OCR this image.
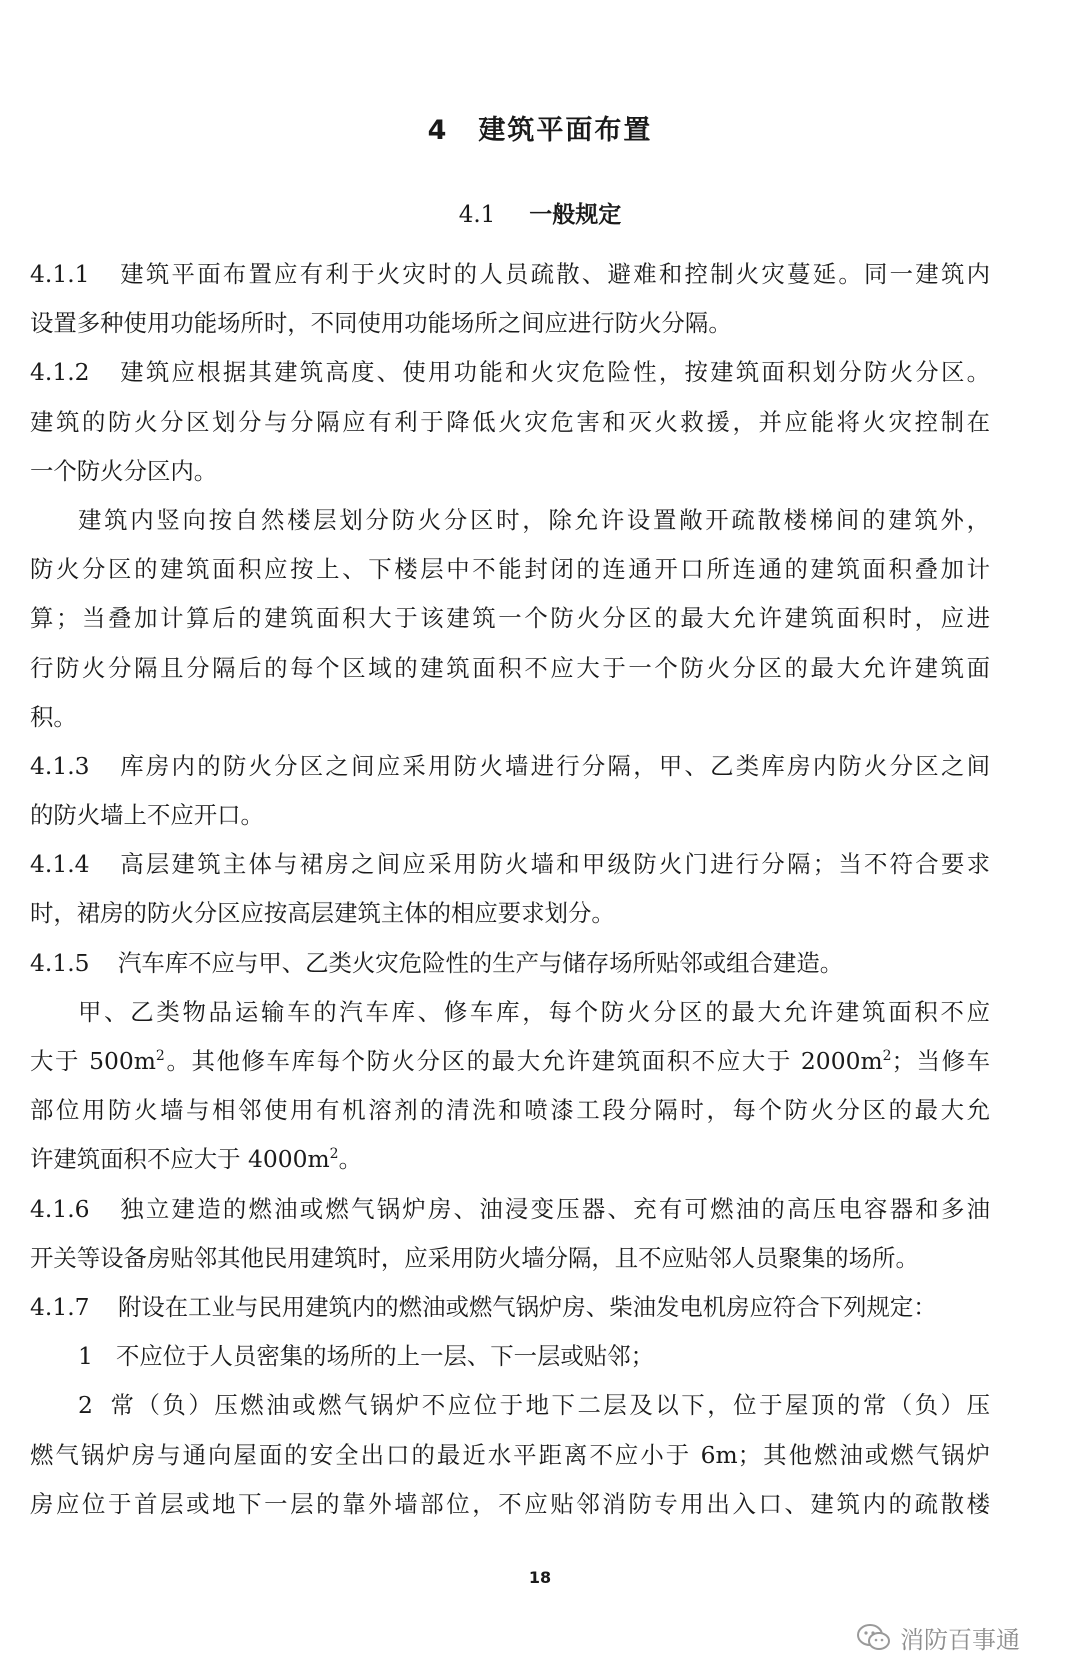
4 建筑平面布置
4.1 一般规定
4.1.1 建筑平面布置应有利于火灾时的人员疏散、避难和控制火灾蔓延。同一建筑内
设置多种使用功能场所时，不同使用功能场所之间应进行防火分隔。
4.1.2 建筑应根据其建筑高度、使用功能和火灾危险性，按建筑面积划分防火分区。
建筑的防火分区划分与分隔应有利于降低火灾危害和灭火救援，并应能将火灾控制在
一个防火分区内。
建筑内竖向按自然楼层划分防火分区时，除允许设置敞开疏散楼梯间的建筑外，
防火分区的建筑面积应按上、下楼层中不能封闭的连通开口所连通的建筑面积叠加计
算；当叠加计算后的建筑面积大于该建筑一个防火分区的最大允许建筑面积时，应进
行防火分隔且分隔后的每个区域的建筑面积不应大于一个防火分区的最大允许建筑面
积。
4.1.3 库房内的防火分区之间应采用防火墙进行分隔，甲、乙类库房内防火分区之间
的防火墙上不应开口。
4.1.4 高层建筑主体与裙房之间应采用防火墙和甲级防火门进行分隔；当不符合要求
时，裙房的防火分区应按高层建筑主体的相应要求划分。
4.1.5 汽车库不应与甲、乙类火灾危险性的生产与储存场所贴邻或组合建造。
甲、乙类物品运输车的汽车库、修车库，每个防火分区的最大允许建筑面积不应
大于 $500m^2$。其他修车库每个防火分区的最大允许建筑面积不应大于 $2000m^2$；当修车
部位用防火墙与相邻使用有机溶剂的清洗和喷漆工段分隔时，每个防火分区的最大允
许建筑面积不应大于 $4000m^2$。
4.1.6 独立建造的燃油或燃气锅炉房、油浸变压器、充有可燃油的高压电容器和多油
开关等设备房贴邻其他民用建筑时，应采用防火墙分隔，且不应贴邻人员聚集的场所。
4.1.7 附设在工业与民用建筑内的燃油或燃气锅炉房、柴油发电机房应符合下列规定：
1 不应位于人员密集的场所的上一层、下一层或贴邻；
2 常（负）压燃油或燃气锅炉不应位于地下二层及以下，位于屋顶的常（负）压
燃气锅炉房与通向屋面的安全出口的最近水平距离不应小于 6m；其他燃油或燃气锅炉
房应位于首层或地下一层的靠外墙部位，不应贴邻消防专用出入口、建筑内的疏散楼
18
消防百事通
